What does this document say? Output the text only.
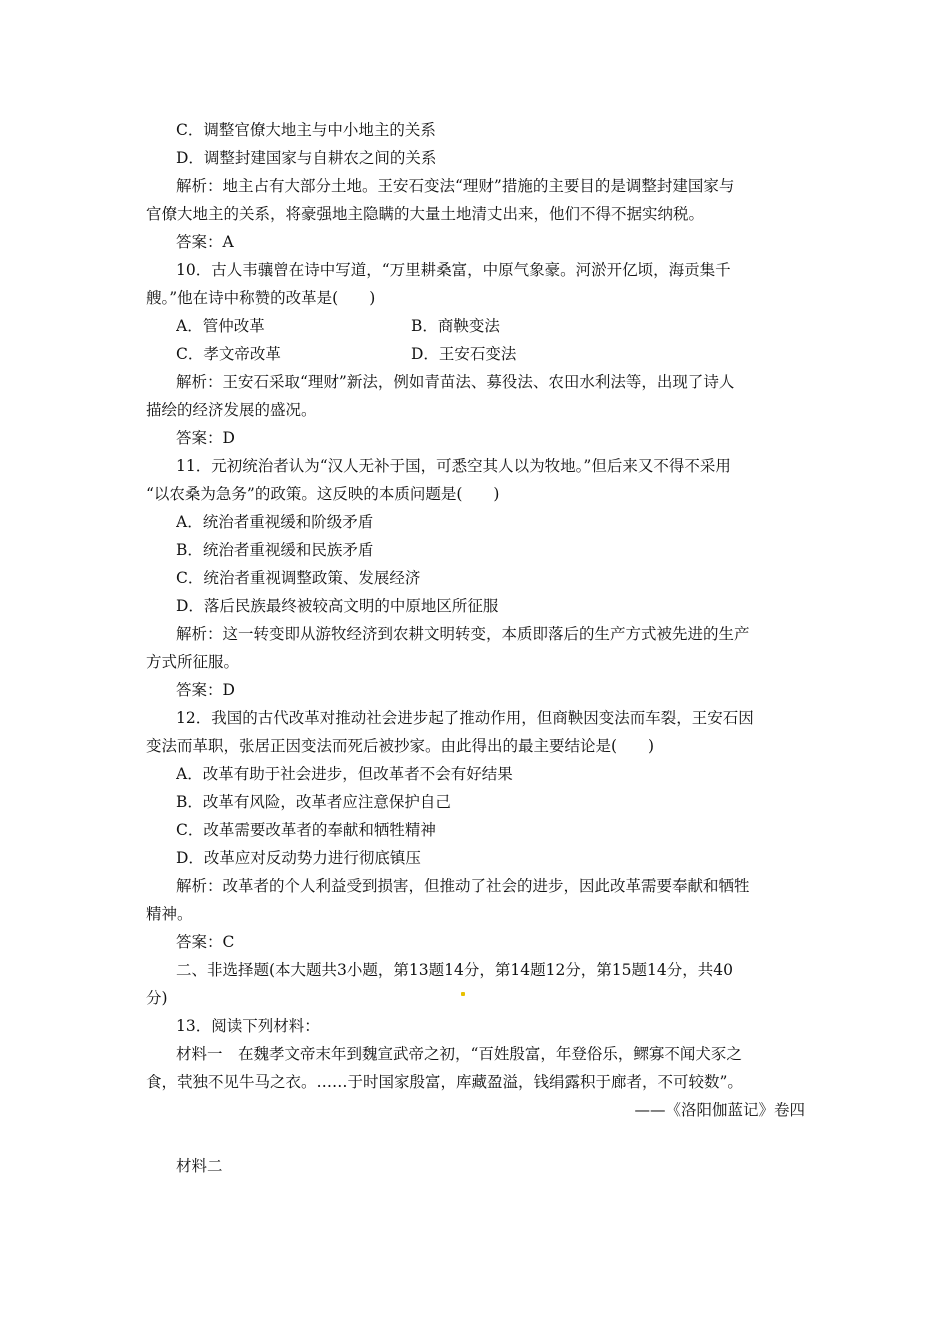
C．调整官僚大地主与中小地主的关系
D．调整封建国家与自耕农之间的关系
解析：地主占有大部分土地。王安石变法“理财”措施的主要目的是调整封建国家与
官僚大地主的关系，将豪强地主隐瞒的大量土地清丈出来，他们不得不据实纳税。
答案：A
10．古人韦骧曾在诗中写道，“万里耕桑富，中原气象豪。河淤开亿顷，海贡集千
艘。”他在诗中称赞的改革是(　　)
A．管仲改革	B．商鞅变法
C．孝文帝改革	D．王安石变法
解析：王安石采取“理财”新法，例如青苗法、募役法、农田水利法等，出现了诗人
描绘的经济发展的盛况。
答案：D
11．元初统治者认为“汉人无补于国，可悉空其人以为牧地。”但后来又不得不采用
“以农桑为急务”的政策。这反映的本质问题是(　　)
A．统治者重视缓和阶级矛盾
B．统治者重视缓和民族矛盾
C．统治者重视调整政策、发展经济
D．落后民族最终被较高文明的中原地区所征服
解析：这一转变即从游牧经济到农耕文明转变，本质即落后的生产方式被先进的生产
方式所征服。
答案：D
12．我国的古代改革对推动社会进步起了推动作用，但商鞅因变法而车裂，王安石因
变法而革职，张居正因变法而死后被抄家。由此得出的最主要结论是(　　)
A．改革有助于社会进步，但改革者不会有好结果
B．改革有风险，改革者应注意保护自己
C．改革需要改革者的奉献和牺牲精神
D．改革应对反动势力进行彻底镇压
解析：改革者的个人利益受到损害，但推动了社会的进步，因此改革需要奉献和牺牲
精神。
答案：C
二、非选择题(本大题共3小题，第13题14分，第14题12分，第15题14分，共40
分)
13．阅读下列材料：
材料一　在魏孝文帝末年到魏宣武帝之初，“百姓殷富，年登俗乐，鳏寡不闻犬豕之
食，茕独不见牛马之衣。……于时国家殷富，库藏盈溢，钱绢露积于廊者，不可较数”。
——《洛阳伽蓝记》卷四
材料二
